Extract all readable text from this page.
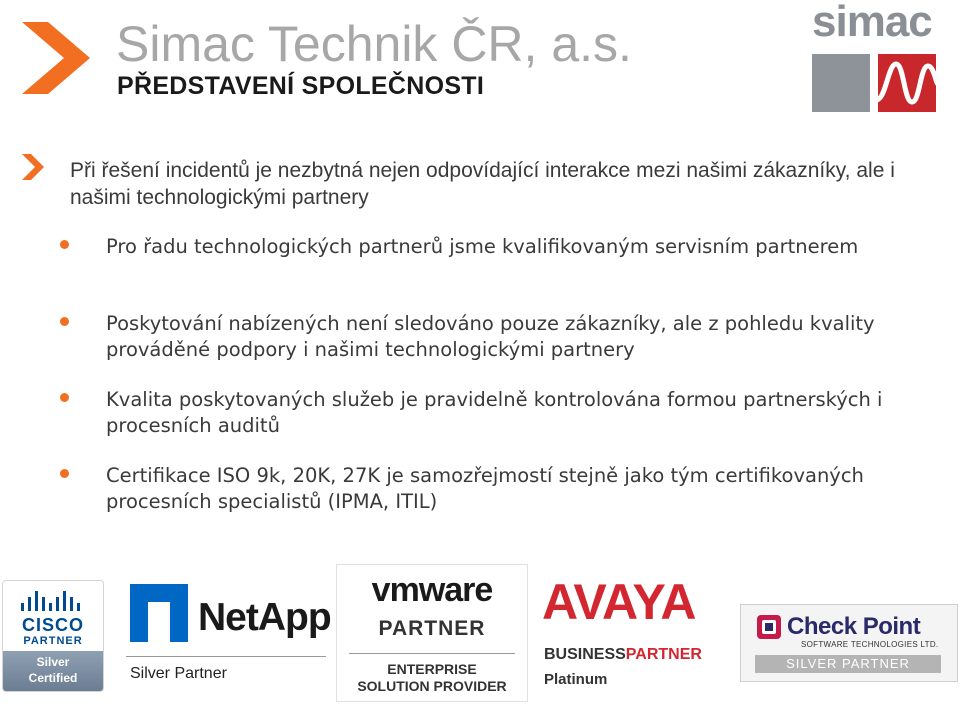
Simac Technik ČR, a.s.
PŘEDSTAVENÍ SPOLEČNOSTI
simac
Při řešení incidentů je nezbytná nejen odpovídající interakce mezi našimi zákazníky, ale i našimi technologickými partnery
Pro řadu technologických partnerů jsme kvalifikovaným servisním partnerem
Poskytování nabízených není sledováno pouze zákazníky, ale z pohledu kvality prováděné podpory i našimi technologickými partnery
Kvalita poskytovaných služeb je pravidelně kontrolována formou partnerských i procesních auditů
Certifikace ISO 9k, 20K, 27K je samozřejmostí stejně jako tým certifikovaných procesních specialistů (IPMA, ITIL)
CISCO
PARTNER
Silver
Certified
NetApp
Silver Partner
vmware
PARTNER
ENTERPRISE
SOLUTION PROVIDER
AVAYA
BUSINESSPARTNER
Platinum
Check Point
SOFTWARE TECHNOLOGIES LTD.
SILVER PARTNER
